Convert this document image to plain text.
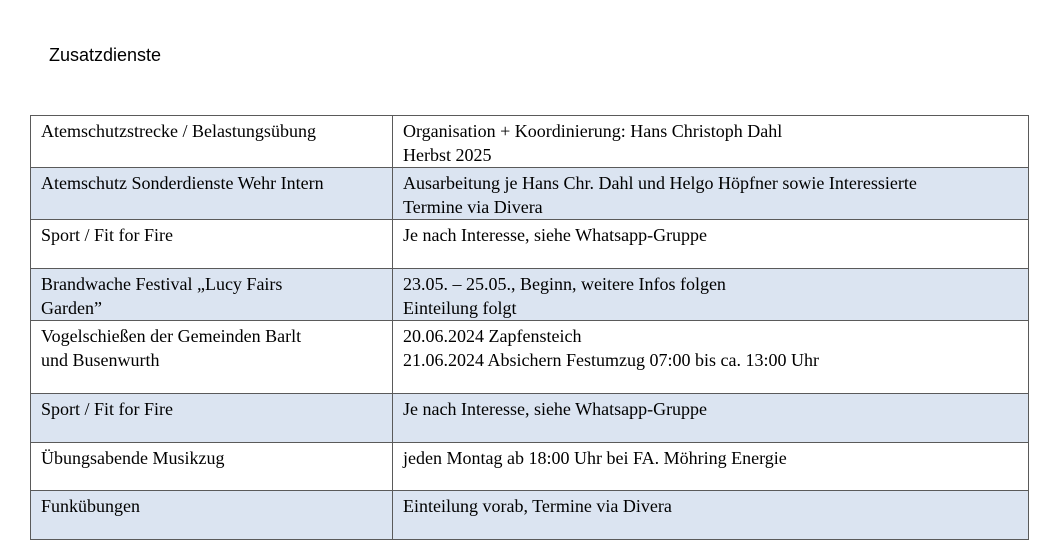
Zusatzdienste
Atemschutzstrecke / Belastungsübung	Organisation + Koordinierung: Hans Christoph Dahl
Herbst 2025

Atemschutz Sonderdienste Wehr Intern	Ausarbeitung je Hans Chr. Dahl und Helgo Höpfner sowie Interessierte
Termine via Divera

Sport / Fit for Fire	Je nach Interesse, siehe Whatsapp-Gruppe

Brandwache Festival „Lucy Fairs
Garden”	23.05. – 25.05., Beginn, weitere Infos folgen
Einteilung folgt

Vogelschießen der Gemeinden Barlt
und Busenwurth	20.06.2024 Zapfensteich
21.06.2024 Absichern Festumzug 07:00 bis ca. 13:00 Uhr

Sport / Fit for Fire	Je nach Interesse, siehe Whatsapp-Gruppe

Übungsabende Musikzug	jeden Montag ab 18:00 Uhr bei FA. Möhring Energie

Funkübungen	Einteilung vorab, Termine via Divera
